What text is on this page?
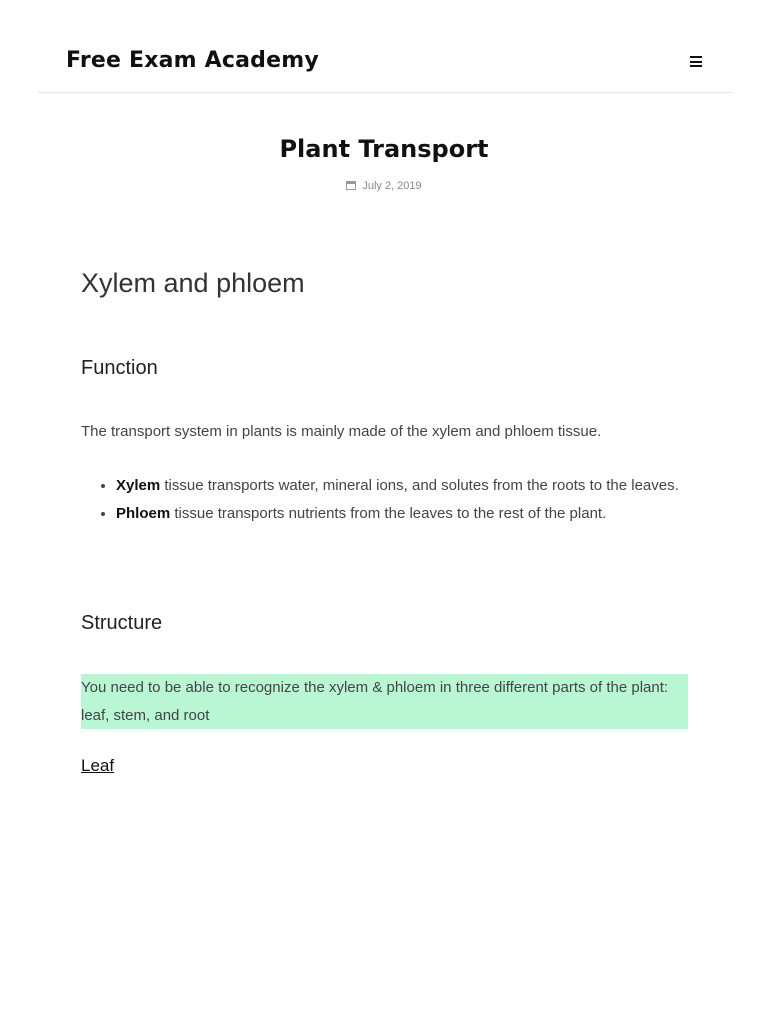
Free Exam Academy
Plant Transport
July 2, 2019
Xylem and phloem
Function

The transport system in plants is mainly made of the xylem and phloem tissue.

• Xylem tissue transports water, mineral ions, and solutes from the roots to the leaves.
• Phloem tissue transports nutrients from the leaves to the rest of the plant.
Structure

You need to be able to recognize the xylem & phloem in three different parts of the plant: leaf, stem, and root

Leaf
